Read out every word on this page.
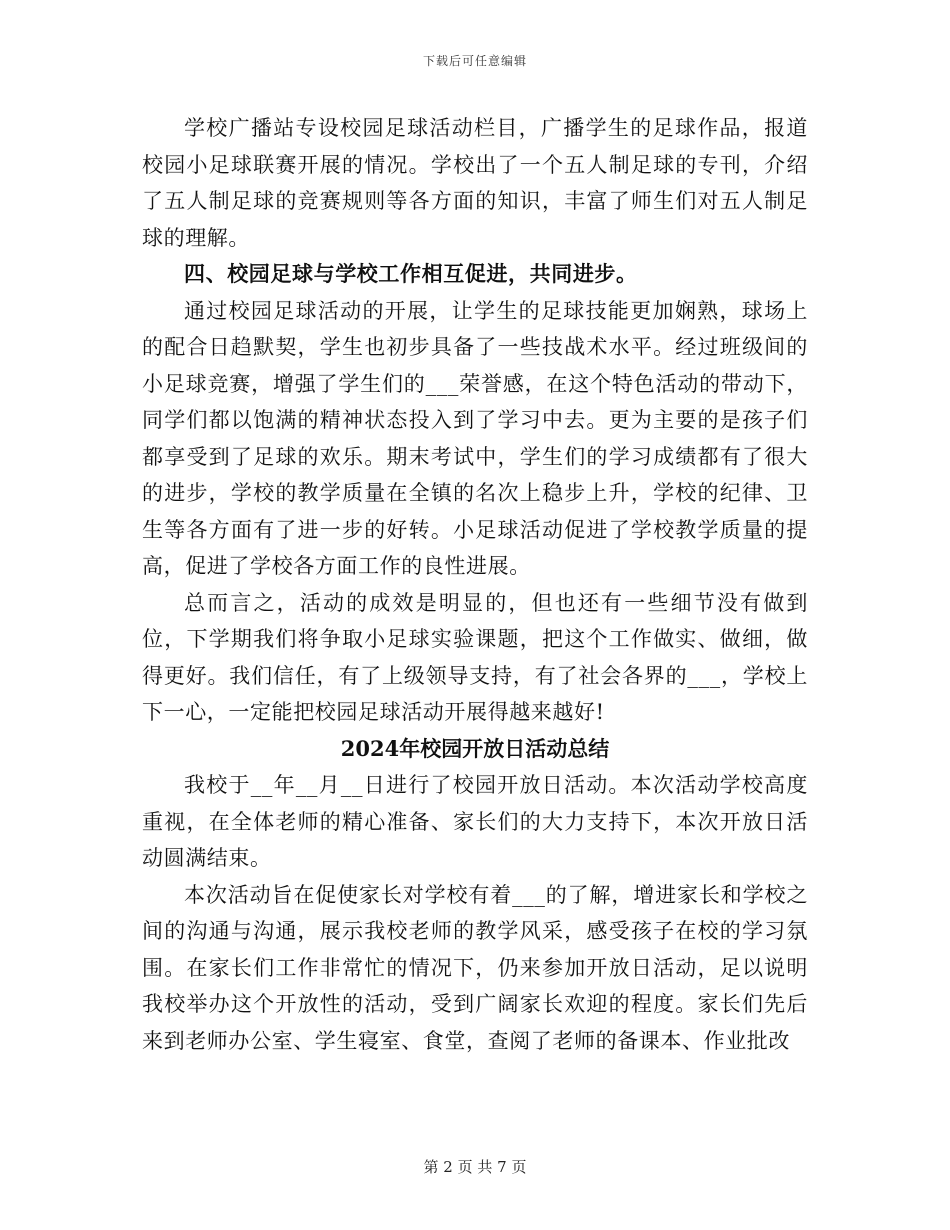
下载后可任意编辑

学校广播站专设校园足球活动栏目，广播学生的足球作品，报道校园小足球联赛开展的情况。学校出了一个五人制足球的专刊，介绍了五人制足球的竞赛规则等各方面的知识，丰富了师生们对五人制足球的理解。

四、校园足球与学校工作相互促进，共同进步。

通过校园足球活动的开展，让学生的足球技能更加娴熟，球场上的配合日趋默契，学生也初步具备了一些技战术水平。经过班级间的小足球竞赛，增强了学生们的___荣誉感，在这个特色活动的带动下，同学们都以饱满的精神状态投入到了学习中去。更为主要的是孩子们都享受到了足球的欢乐。期末考试中，学生们的学习成绩都有了很大的进步，学校的教学质量在全镇的名次上稳步上升，学校的纪律、卫生等各方面有了进一步的好转。小足球活动促进了学校教学质量的提高，促进了学校各方面工作的良性进展。

总而言之，活动的成效是明显的，但也还有一些细节没有做到位，下学期我们将争取小足球实验课题，把这个工作做实、做细，做得更好。我们信任，有了上级领导支持，有了社会各界的___，学校上下一心，一定能把校园足球活动开展得越来越好!

2024年校园开放日活动总结

我校于__年__月__日进行了校园开放日活动。本次活动学校高度重视，在全体老师的精心准备、家长们的大力支持下，本次开放日活动圆满结束。

本次活动旨在促使家长对学校有着___的了解，增进家长和学校之间的沟通与沟通，展示我校老师的教学风采，感受孩子在校的学习氛围。在家长们工作非常忙的情况下，仍来参加开放日活动，足以说明我校举办这个开放性的活动，受到广阔家长欢迎的程度。家长们先后来到老师办公室、学生寝室、食堂，查阅了老师的备课本、作业批改

第 2 页 共 7 页
